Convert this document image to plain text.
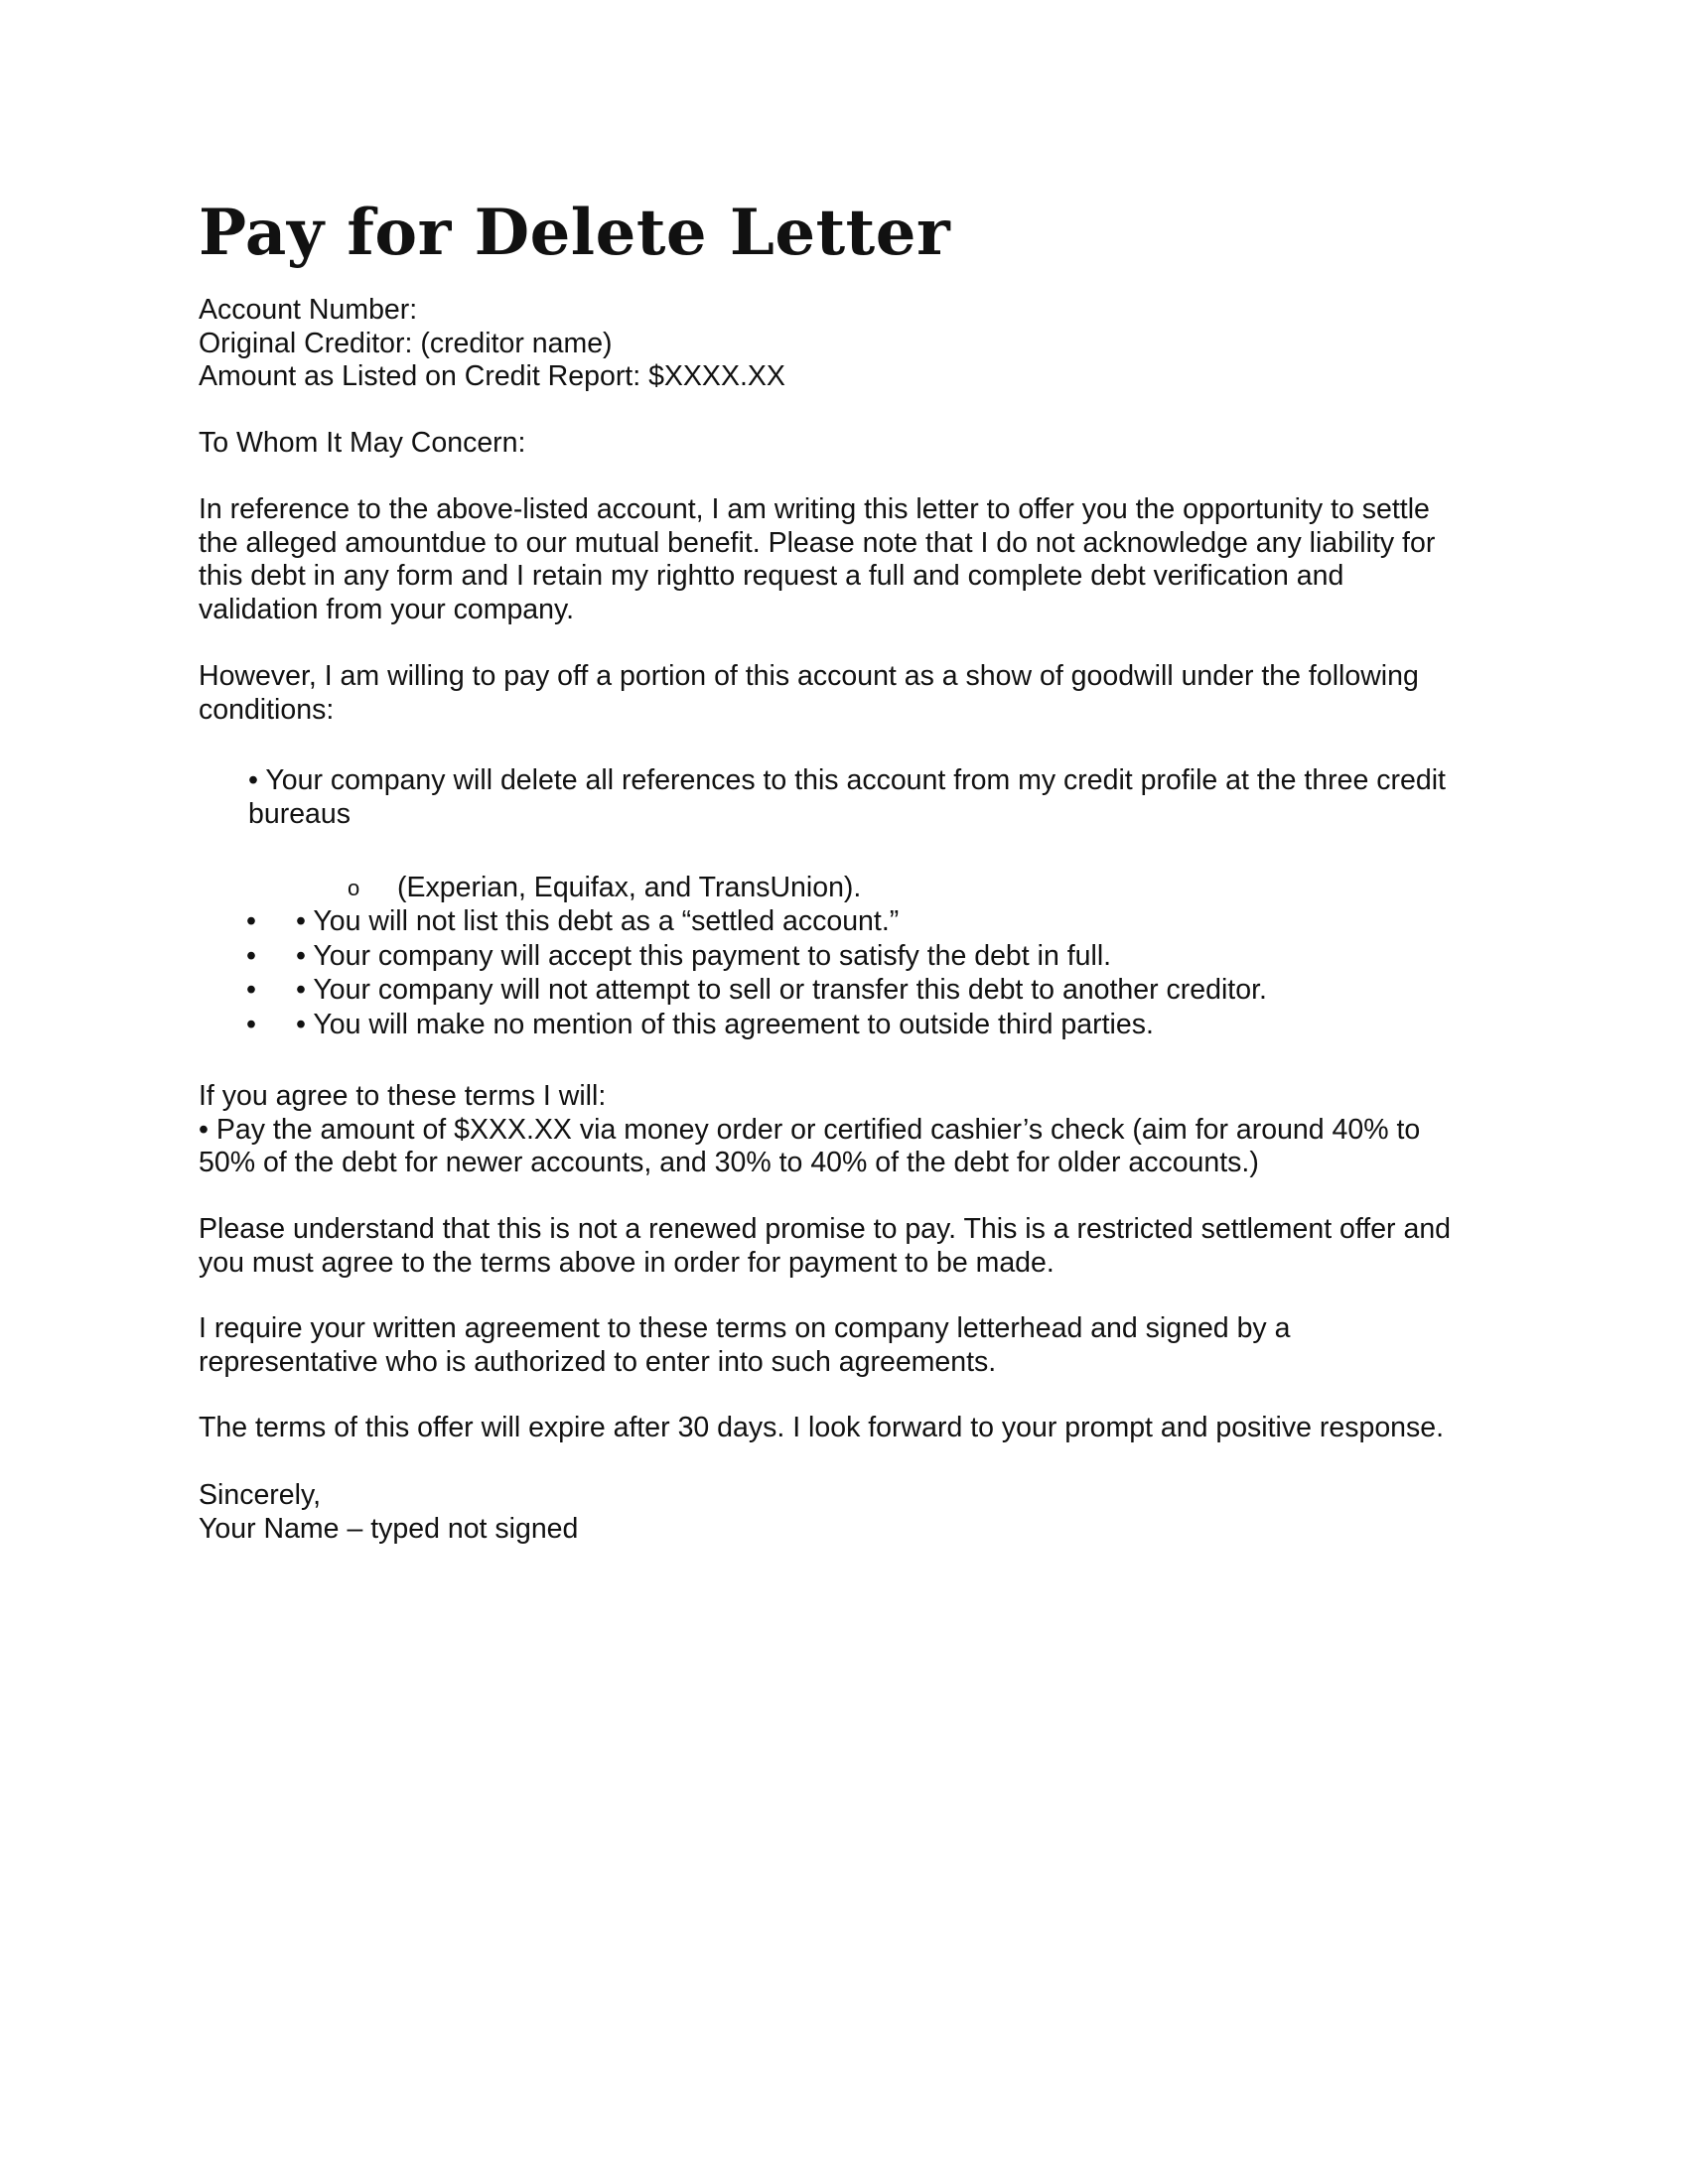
Pay for Delete Letter
Account Number:
Original Creditor: (creditor name)
Amount as Listed on Credit Report: $XXXX.XX
To Whom It May Concern:
In reference to the above-listed account, I am writing this letter to offer you the opportunity to settle
the alleged amountdue to our mutual benefit. Please note that I do not acknowledge any liability for
this debt in any form and I retain my rightto request a full and complete debt verification and
validation from your company.
However, I am willing to pay off a portion of this account as a show of goodwill under the following
conditions:
• Your company will delete all references to this account from my credit profile at the three credit
bureaus
o (Experian, Equifax, and TransUnion).
• • You will not list this debt as a “settled account.”
• • Your company will accept this payment to satisfy the debt in full.
• • Your company will not attempt to sell or transfer this debt to another creditor.
• • You will make no mention of this agreement to outside third parties.
If you agree to these terms I will:
• Pay the amount of $XXX.XX via money order or certified cashier’s check (aim for around 40% to
50% of the debt for newer accounts, and 30% to 40% of the debt for older accounts.)
Please understand that this is not a renewed promise to pay. This is a restricted settlement offer and
you must agree to the terms above in order for payment to be made.
I require your written agreement to these terms on company letterhead and signed by a
representative who is authorized to enter into such agreements.
The terms of this offer will expire after 30 days. I look forward to your prompt and positive response.
Sincerely,
Your Name – typed not signed
